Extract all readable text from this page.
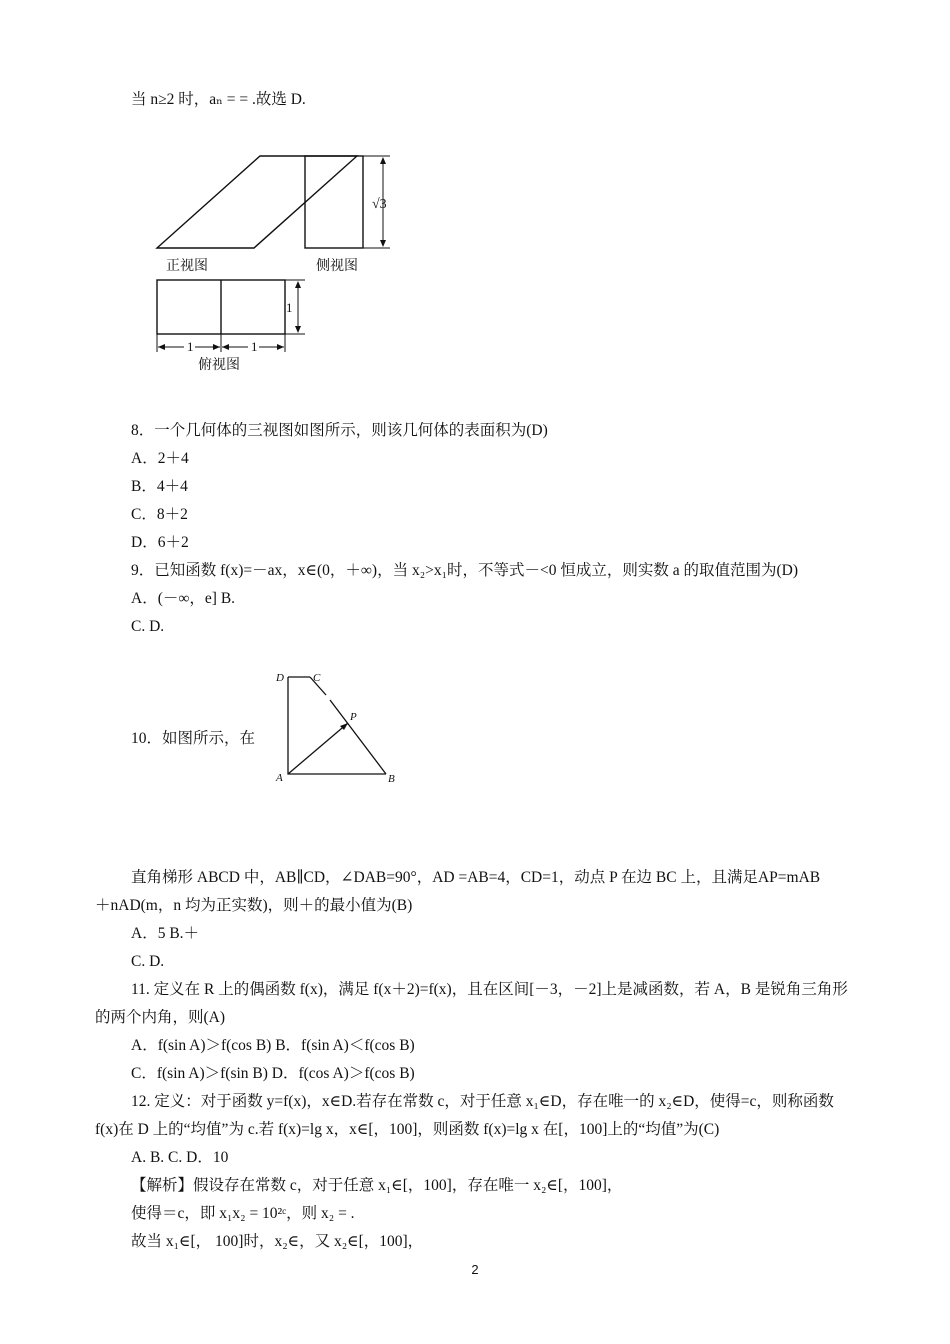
当 n≥2 时，aₙ = = .故选 D.
正视图
√3
侧视图
1
1	1
俯视图
8．一个几何体的三视图如图所示，则该几何体的表面积为(D)
A．2＋4
B．4＋4
C．8＋2
D．6＋2
9．已知函数 f(x)=－ax，x∈(0，＋∞)，当 x₂>x₁时，不等式－<0 恒成立，则实数 a 的取值范围为(D)
A．(－∞，e] B.
C. D.
10．如图所示，在
D	C
P
A	B
直角梯形 ABCD 中，AB∥CD，∠DAB=90°，AD =AB=4，CD=1，动点 P 在边 BC 上，且满足AP=mAB
＋nAD(m，n 均为正实数)，则＋的最小值为(B)
A．5 B.＋
C. D.
11. 定义在 R 上的偶函数 f(x)，满足 f(x＋2)=f(x)，且在区间[－3，－2]上是减函数，若 A，B 是锐角三角形
的两个内角，则(A)
A．f(sin A)＞f(cos B) B．f(sin A)＜f(cos B)
C．f(sin A)＞f(sin B) D．f(cos A)＞f(cos B)
12. 定义：对于函数 y=f(x)，x∈D.若存在常数 c，对于任意 x₁∈D，存在唯一的 x₂∈D，使得=c，则称函数
f(x)在 D 上的“均值”为 c.若 f(x)=lg x，x∈[，100]，则函数 f(x)=lg x 在[，100]上的“均值”为(C)
A. B. C. D．10
【解析】假设存在常数 c，对于任意 x₁∈[，100]，存在唯一 x₂∈[，100]，
使得＝c，即 x₁x₂ = 10²ᶜ，则 x₂ = .
故当 x₁∈[， 100]时，x₂∈，又 x₂∈[，100]，
2
